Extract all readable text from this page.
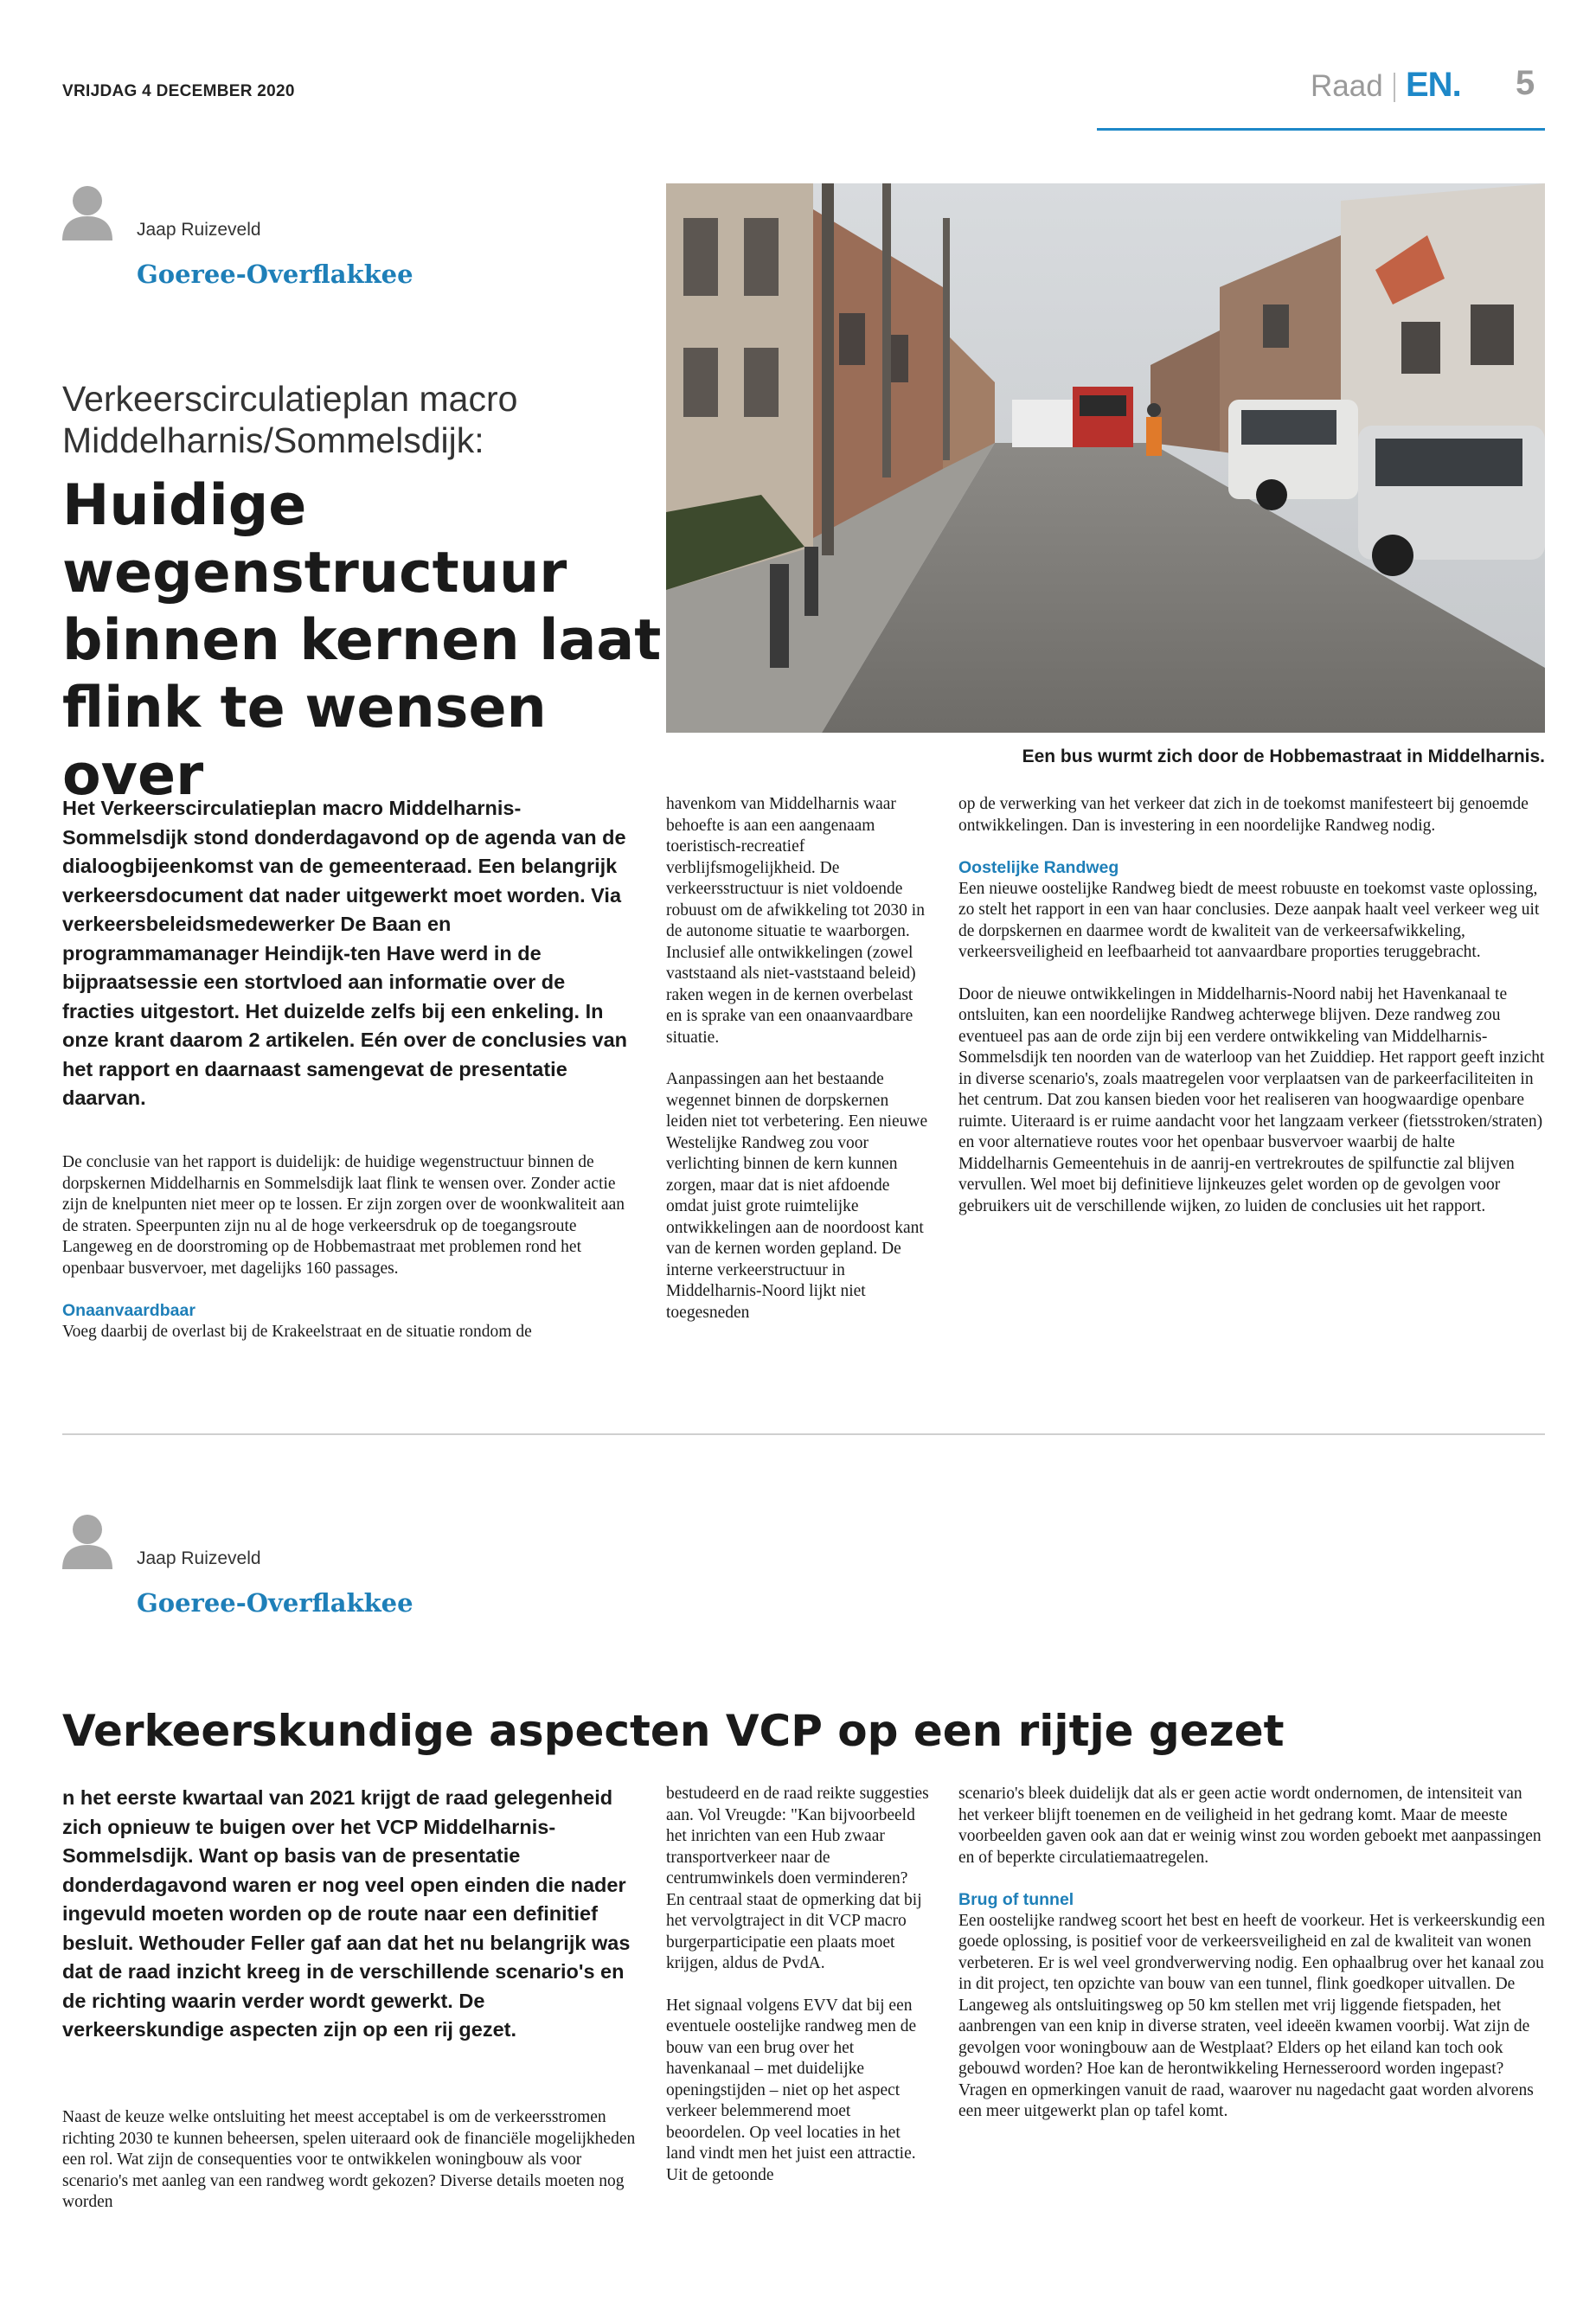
VRIJDAG 4 DECEMBER 2020	Raad EN. 5
Jaap Ruizeveld
Goeree-Overflakkee
Verkeerscirculatieplan macro Middelharnis/Sommelsdijk:
Huidige wegenstructuur binnen kernen laat flink te wensen over	Een bus wurmt zich door de Hobbemastraat in Middelharnis.
Het Verkeerscirculatieplan macro Middelharnis-Sommelsdijk stond donderdagavond op de agenda van de dialoogbijeenkomst van de gemeenteraad. Een belangrijk verkeersdocument dat nader uitgewerkt moet worden. Via verkeersbeleidsmedewerker De Baan en programmamanager Heindijk-ten Have werd in de bijpraatsessie een stortvloed aan informatie over de fracties uitgestort. Het duizelde zelfs bij een enkeling. In onze krant daarom 2 artikelen. Eén over de conclusies van het rapport en daarnaast samengevat de presentatie daarvan.

De conclusie van het rapport is duidelijk: de huidige wegenstructuur binnen de dorpskernen Middelharnis en Sommelsdijk laat flink te wensen over. Zonder actie zijn de knelpunten niet meer op te lossen. Er zijn zorgen over de woonkwaliteit aan de straten. Speerpunten zijn nu al de hoge verkeersdruk op de toegangsroute Langeweg en de doorstroming op de Hobbemastraat met problemen rond het openbaar busvervoer, met dagelijks 160 passages.

Onaanvaardbaar
Voeg daarbij de overlast bij de Krakeelstraat en de situatie rondom de

havenkom van Middelharnis waar behoefte is aan een aangenaam toeristisch-recreatief verblijfsmogelijkheid. De verkeersstructuur is niet voldoende robuust om de afwikkeling tot 2030 in de autonome situatie te waarborgen. Inclusief alle ontwikkelingen (zowel vaststaand als niet-vaststaand beleid) raken wegen in de kernen overbelast en is sprake van een onaanvaardbare situatie.

Aanpassingen aan het bestaande wegennet binnen de dorpskernen leiden niet tot verbetering. Een nieuwe Westelijke Randweg zou voor verlichting binnen de kern kunnen zorgen, maar dat is niet afdoende omdat juist grote ruimtelijke ontwikkelingen aan de noordoost kant van de kernen worden gepland. De interne verkeerstructuur in Middelharnis-Noord lijkt niet toegesneden

op de verwerking van het verkeer dat zich in de toekomst manifesteert bij genoemde ontwikkelingen. Dan is investering in een noordelijke Randweg nodig.

Oostelijke Randweg

Een nieuwe oostelijke Randweg biedt de meest robuuste en toekomst vaste oplossing, zo stelt het rapport in een van haar conclusies. Deze aanpak haalt veel verkeer weg uit de dorpskernen en daarmee wordt de kwaliteit van de verkeersafwikkeling, verkeersveiligheid en leefbaarheid tot aanvaardbare proporties teruggebracht.

Door de nieuwe ontwikkelingen in Middelharnis-Noord nabij het Havenkanaal te ontsluiten, kan een noordelijke Randweg achterwege blijven. Deze randweg zou eventueel pas aan de orde zijn bij een verdere ontwikkeling van Middelharnis-Sommelsdijk ten noorden van de waterloop van het Zuiddiep. Het rapport geeft inzicht in diverse scenario's, zoals maatregelen voor verplaatsen van de parkeerfaciliteiten in het centrum. Dat zou kansen bieden voor het realiseren van hoogwaardige openbare ruimte. Uiteraard is er ruime aandacht voor het langzaam verkeer (fietsstroken/straten) en voor alternatieve routes voor het openbaar busvervoer waarbij de halte Middelharnis Gemeentehuis in de aanrij-en vertrekroutes de spilfunctie zal blijven vervullen. Wel moet bij definitieve lijnkeuzes gelet worden op de gevolgen voor gebruikers uit de verschillende wijken, zo luiden de conclusies uit het rapport.
Jaap Ruizeveld
Goeree-Overflakkee
Verkeerskundige aspecten VCP op een rijtje gezet
n het eerste kwartaal van 2021 krijgt de raad gelegenheid zich opnieuw te buigen over het VCP Middelharnis-Sommelsdijk. Want op basis van de presentatie donderdagavond waren er nog veel open einden die nader ingevuld moeten worden op de route naar een definitief besluit. Wethouder Feller gaf aan dat het nu belangrijk was dat de raad inzicht kreeg in de verschillende scenario's en de richting waarin verder wordt gewerkt. De verkeerskundige aspecten zijn op een rij gezet.
Naast de keuze welke ontsluiting het meest acceptabel is om de verkeersstromen richting 2030 te kunnen beheersen, spelen uiteraard ook de financiële mogelijkheden een rol. Wat zijn de consequenties voor te ontwikkelen woningbouw als voor scenario's met aanleg van een randweg wordt gekozen? Diverse details moeten nog worden

bestudeerd en de raad reikte suggesties aan. Vol Vreugde: "Kan bijvoorbeeld het inrichten van een Hub zwaar transportverkeer naar de centrumwinkels doen verminderen? En centraal staat de opmerking dat bij het vervolgtraject in dit VCP macro burgerparticipatie een plaats moet krijgen, aldus de PvdA.

Het signaal volgens EVV dat bij een eventuele oostelijke randweg men de bouw van een brug over het havenkanaal – met duidelijke openingstijden – niet op het aspect verkeer belemmerend moet beoordelen. Op veel locaties in het land vindt men het juist een attractie. Uit de getoonde

scenario's bleek duidelijk dat als er geen actie wordt ondernomen, de intensiteit van het verkeer blijft toenemen en de veiligheid in het gedrang komt. Maar de meeste voorbeelden gaven ook aan dat er weinig winst zou worden geboekt met aanpassingen en of beperkte circulatiemaatregelen.

Brug of tunnel
Een oostelijke randweg scoort het best en heeft de voorkeur. Het is verkeerskundig een goede oplossing, is positief voor de verkeersveiligheid en zal de kwaliteit van wonen verbeteren. Er is wel veel grondverwerving nodig. Een ophaalbrug over het kanaal zou in dit project, ten opzichte van bouw van een tunnel, flink goedkoper uitvallen. De Langeweg als ontsluitingsweg op 50 km stellen met vrij liggende fietspaden, het aanbrengen van een knip in diverse straten, veel ideeën kwamen voorbij. Wat zijn de gevolgen voor woningbouw aan de Westplaat? Elders op het eiland kan toch ook gebouwd worden? Hoe kan de herontwikkeling Hernesseroord worden ingepast? Vragen en opmerkingen vanuit de raad, waarover nu nagedacht gaat worden alvorens een meer uitgewerkt plan op tafel komt.
